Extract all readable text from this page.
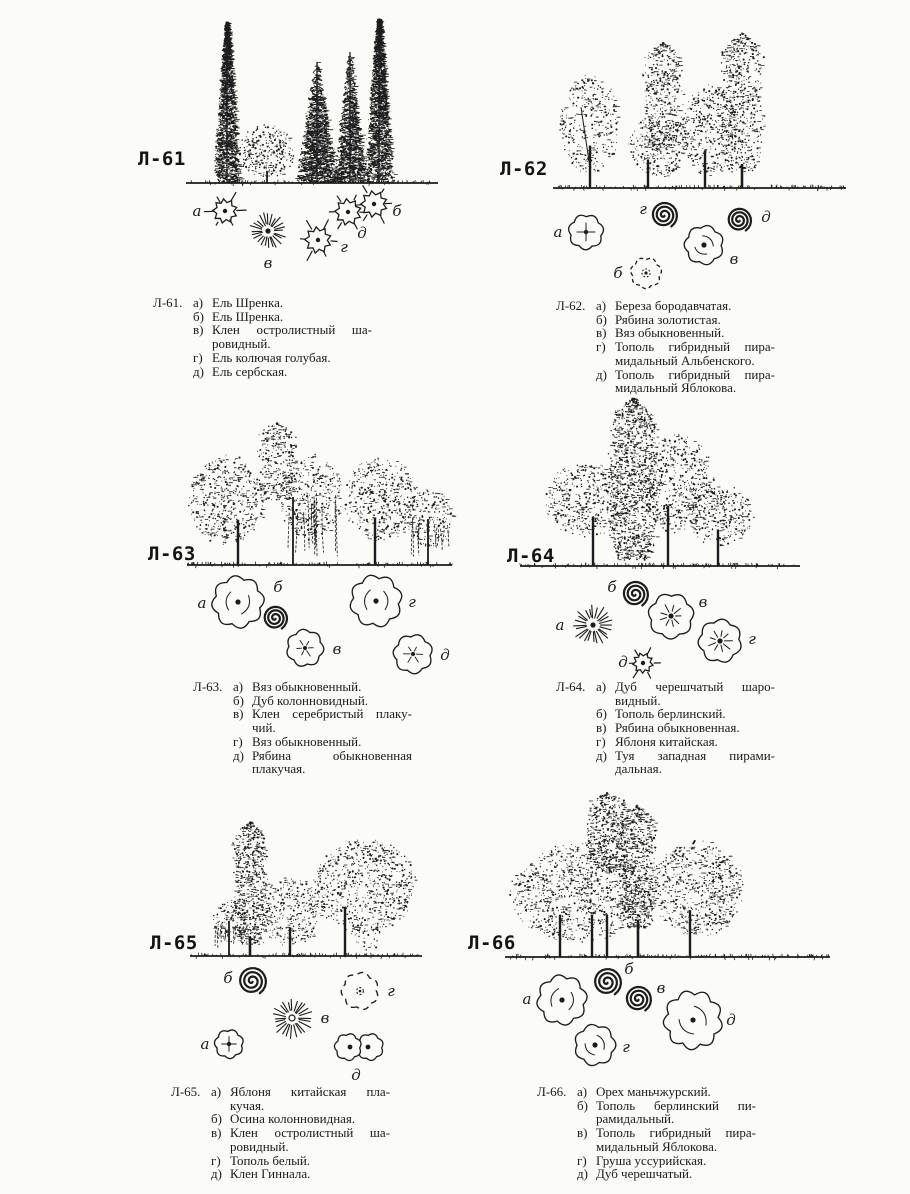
а
в
г
д
б
а
г	д
в
б
а
б
г
в	д
б
в
а
г
д
б
г
в
а
д
а
б
в
д
г
Л-61	Л-62
Л-63	Л-64
Л-65	Л-66
Л-61. а) Ель Шренка.
б) Ель Шренка.
в) Клен остролистный ша-
ровидный.
г) Ель колючая голубая.
д) Ель сербская.
Л-62. а) Береза бородавчатая.
б) Рябина золотистая.
в) Вяз обыкновенный.
г) Тополь гибридный пира-
мидальный Альбенского.
д) Тополь гибридный пира-
мидальный Яблокова.
Л-63. а) Вяз обыкновенный.
б) Дуб колонновидный.
в) Клен серебристый плаку-
чий.
г) Вяз обыкновенный.
д) Рябина обыкновенная
плакучая.
Л-64. а) Дуб черешчатый шаро-
видный.
б) Тополь берлинский.
в) Рябина обыкновенная.
г) Яблоня китайская.
д) Туя западная пирами-
дальная.
Л-65. а) Яблоня китайская пла-
кучая.
б) Осина колонновидная.
в) Клен остролистный ша-
ровидный.
г) Тополь белый.
д) Клен Гиннала.
Л-66. а) Орех маньчжурский.
б) Тополь берлинский пи-
рамидальный.
в) Тополь гибридный пира-
мидальный Яблокова.
г) Груша уссурийская.
д) Дуб черешчатый.
